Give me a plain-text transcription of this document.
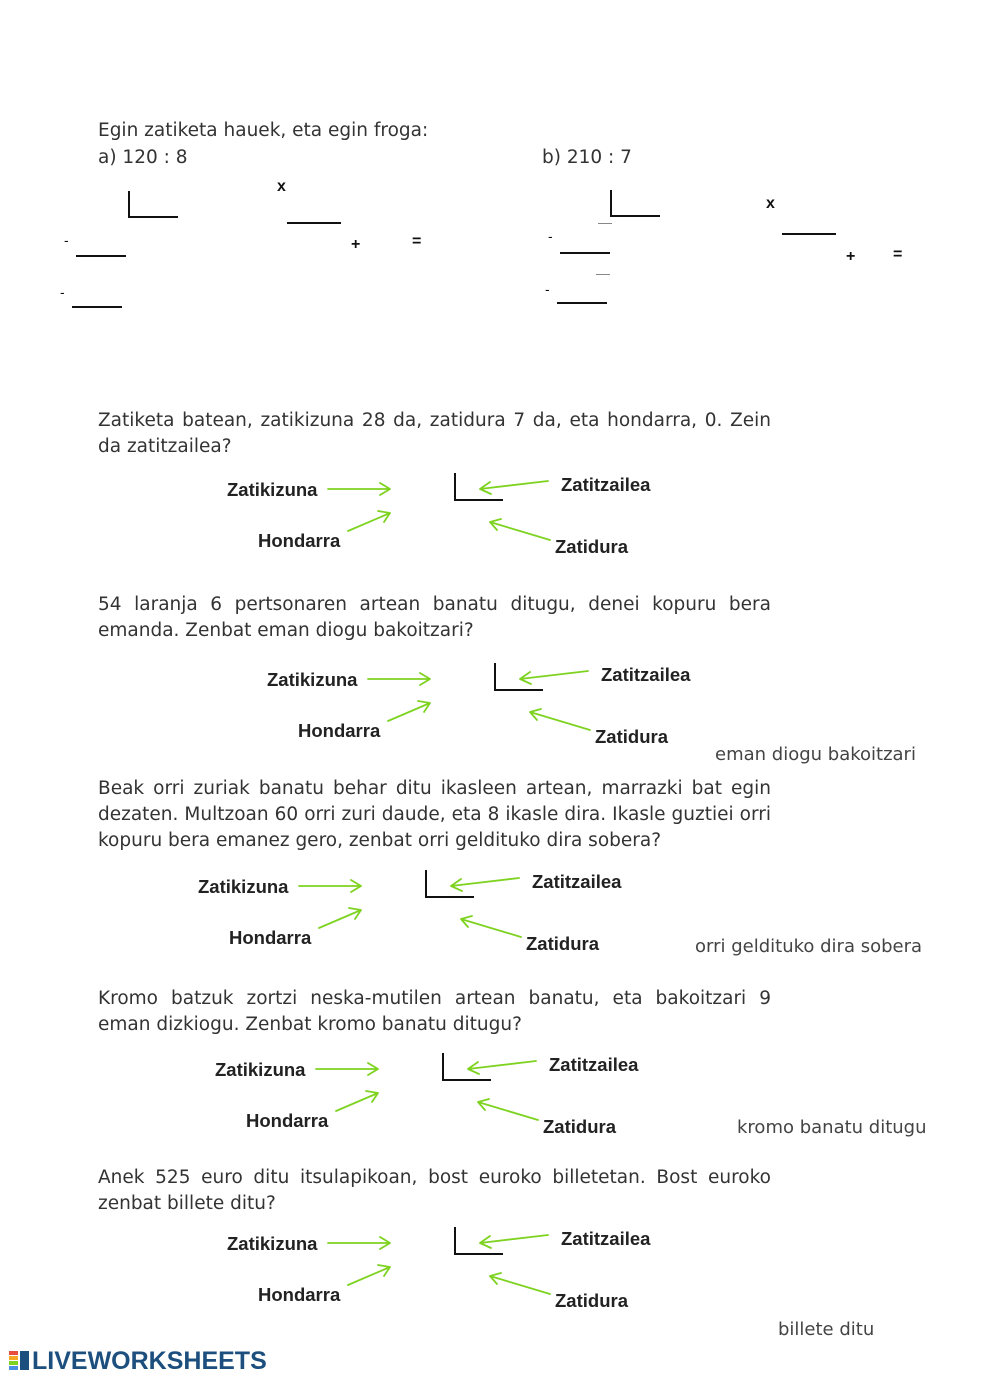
Egin zatiketa hauek, eta egin froga:
a) 120 : 8	b) 210 : 7
x
-	+	=
-
x
-
+ =
-
Zatiketa batean, zatikizuna 28 da, zatidura 7 da, eta hondarra, 0. Zein da zatitzailea?
Zatikizuna
Hondarra
Zatitzailea
Zatidura
54 laranja 6 pertsonaren artean banatu ditugu, denei kopuru bera emanda. Zenbat eman diogu bakoitzari?
Zatikizuna
Hondarra
Zatitzailea
Zatidura
eman diogu bakoitzari
Beak orri zuriak banatu behar ditu ikasleen artean, marrazki bat egin dezaten. Multzoan 60 orri zuri daude, eta 8 ikasle dira. Ikasle guztiei orri kopuru bera emanez gero, zenbat orri geldituko dira sobera?
Zatikizuna
Hondarra
Zatitzailea
Zatidura	orri geldituko dira sobera
Kromo batzuk zortzi neska-mutilen artean banatu, eta bakoitzari 9 eman dizkiogu. Zenbat kromo banatu ditugu?
Zatikizuna
Hondarra
Zatitzailea
Zatidura	kromo banatu ditugu
Anek 525 euro ditu itsulapikoan, bost euroko billetetan. Bost euroko zenbat billete ditu?
Zatikizuna
Hondarra
Zatitzailea
Zatidura
billete ditu
LIVEWORKSHEETS
